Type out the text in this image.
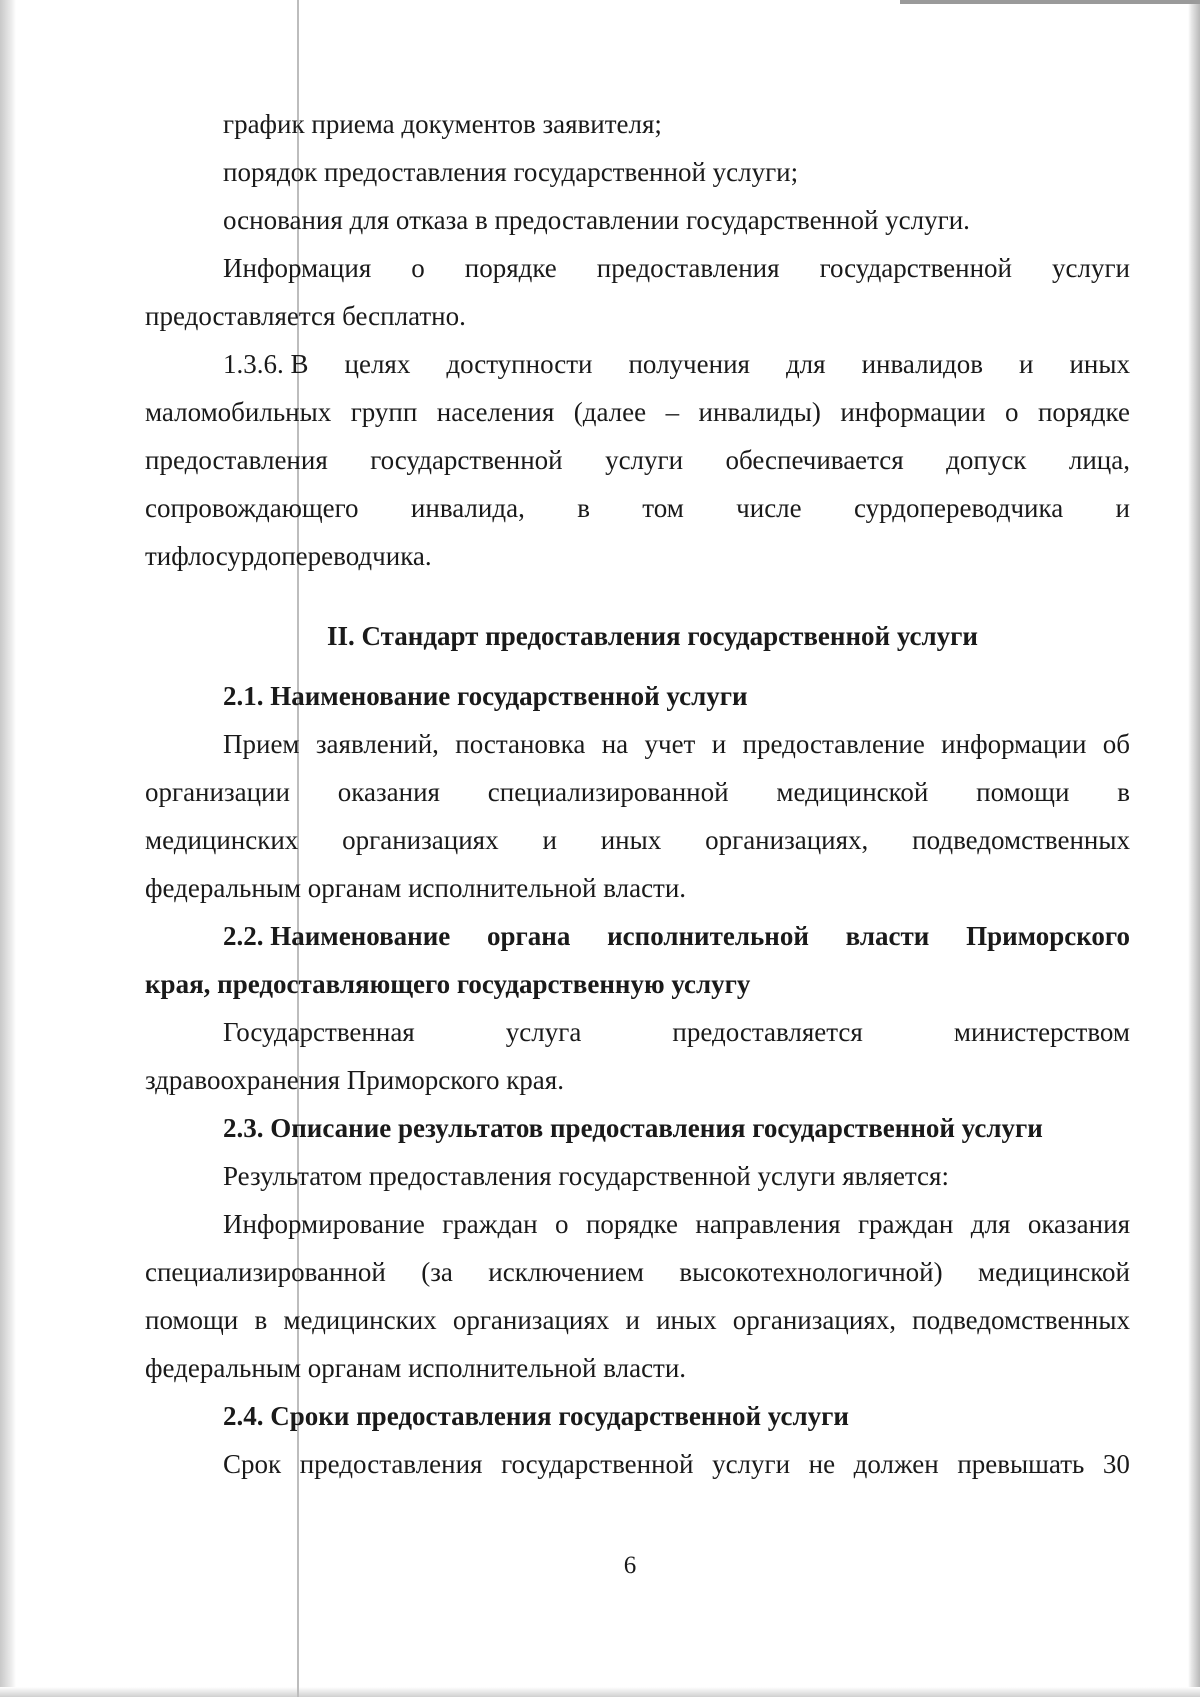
график приема документов заявителя;
порядок предоставления государственной услуги;
основания для отказа в предоставлении государственной услуги.
Информация о порядке предоставления государственной услуги
предоставляется бесплатно.
1.3.6. В целях доступности получения для инвалидов и иных
маломобильных групп населения (далее – инвалиды) информации о порядке
предоставления государственной услуги обеспечивается допуск лица,
сопровождающего инвалида, в том числе сурдопереводчика и
тифлосурдопереводчика.
II. Стандарт предоставления государственной услуги
2.1. Наименование государственной услуги
Прием заявлений, постановка на учет и предоставление информации об
организации оказания специализированной медицинской помощи в
медицинских организациях и иных организациях, подведомственных
федеральным органам исполнительной власти.
2.2. Наименование органа исполнительной власти Приморского
края, предоставляющего государственную услугу
Государственная	услуга	предоставляется	министерством
здравоохранения Приморского края.
2.3. Описание результатов предоставления государственной услуги
Результатом предоставления государственной услуги является:
Информирование граждан о порядке направления граждан для оказания
специализированной (за исключением высокотехнологичной) медицинской
помощи в медицинских организациях и иных организациях, подведомственных
федеральным органам исполнительной власти.
2.4. Сроки предоставления государственной услуги
Срок предоставления государственной услуги не должен превышать 30
6
